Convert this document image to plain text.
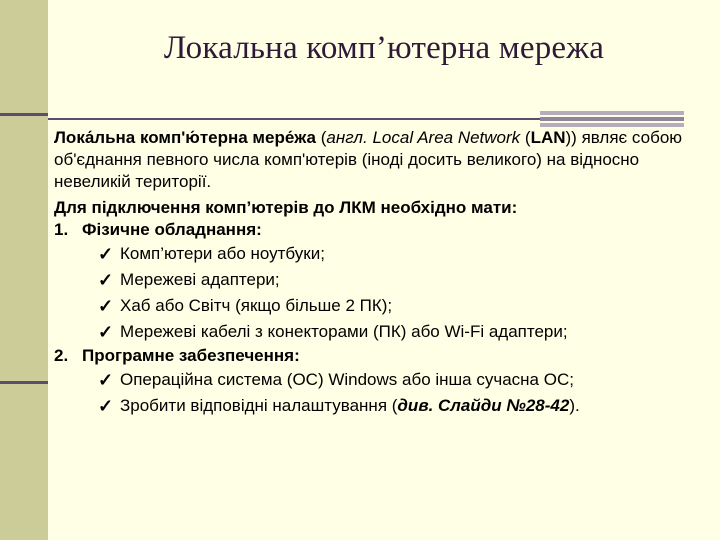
Локальна комп’ютерна мережа

Лока́льна комп'ю́терна мере́жа (англ. Local Area Network (LAN)) являє собою об'єднання певного числа комп'ютерів (іноді досить великого) на відносно невеликій території.

Для підключення комп’ютерів до ЛКМ необхідно мати:

1. Фізичне обладнання:

✓ Комп’ютери або ноутбуки;
✓ Мережеві адаптери;
✓ Хаб або Світч (якщо більше 2 ПК);
✓ Мережеві кабелі з конекторами (ПК) або Wi-Fi адаптери;

2. Програмне забезпечення:

✓ Операційна система (ОС) Windows або інша сучасна ОС;
✓ Зробити відповідні налаштування (див. Слайди №28-42).
